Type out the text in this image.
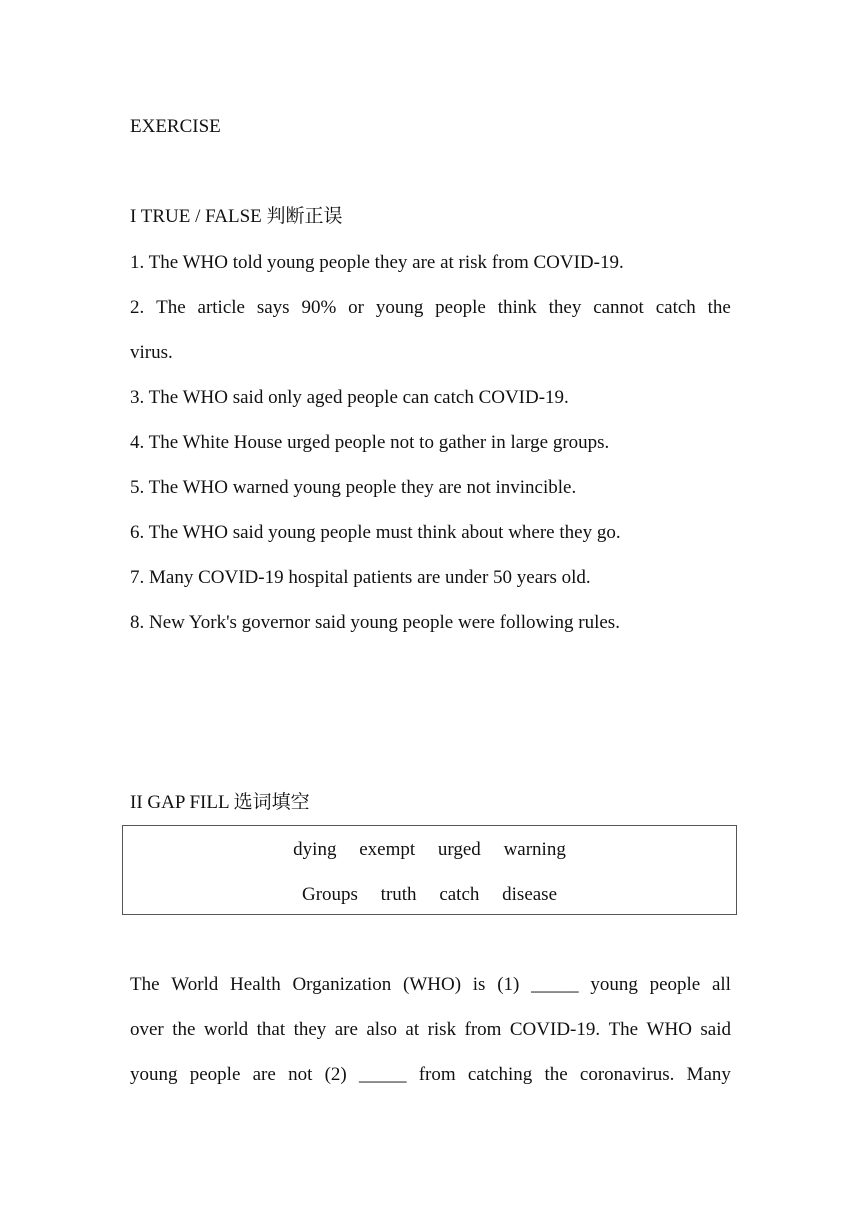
EXERCISE
I TRUE / FALSE 判断正误
1. The WHO told young people they are at risk from COVID-19.
2. The article says 90% or young people think they cannot catch the
virus.
3. The WHO said only aged people can catch COVID-19.
4. The White House urged people not to gather in large groups.
5. The WHO warned young people they are not invincible.
6. The WHO said young people must think about where they go.
7. Many COVID-19 hospital patients are under 50 years old.
8. New York's governor said young people were following rules.
II GAP FILL 选词填空
dying exempt urged warning
Groups truth catch disease
The World Health Organization (WHO) is (1) _____ young people all
over the world that they are also at risk from COVID-19. The WHO said
young people are not (2) _____ from catching the coronavirus. Many
